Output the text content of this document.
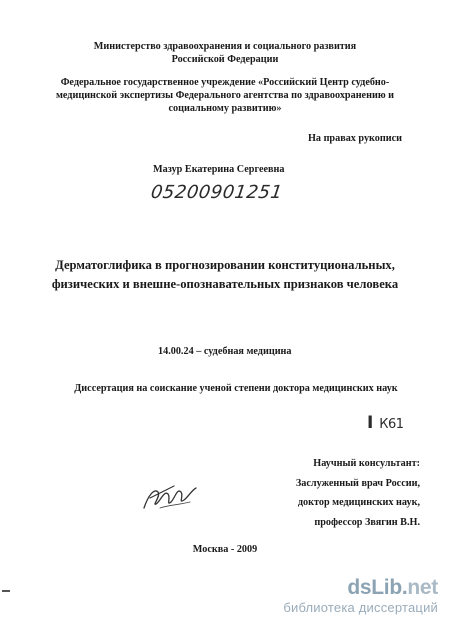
Министерство здравоохранения и социального развития
Российской Федерации
Федеральное государственное учреждение «Российский Центр судебно-
медицинской экспертизы Федерального агентства по здравоохранению и
социальному развитию»
На правах рукописи
Мазур Екатерина Сергеевна
05200901251
Дерматоглифика в прогнозировании конституциональных,
физических и внешне-опознавательных признаков человека
14.00.24 – судебная медицина
Диссертация на соискание ученой степени доктора медицинских наук
I К61
Научный консультант:
Заслуженный врач России,
доктор медицинских наук,
профессор Звягин В.Н.
Москва - 2009
dsLib.net
библиотека диссертаций
